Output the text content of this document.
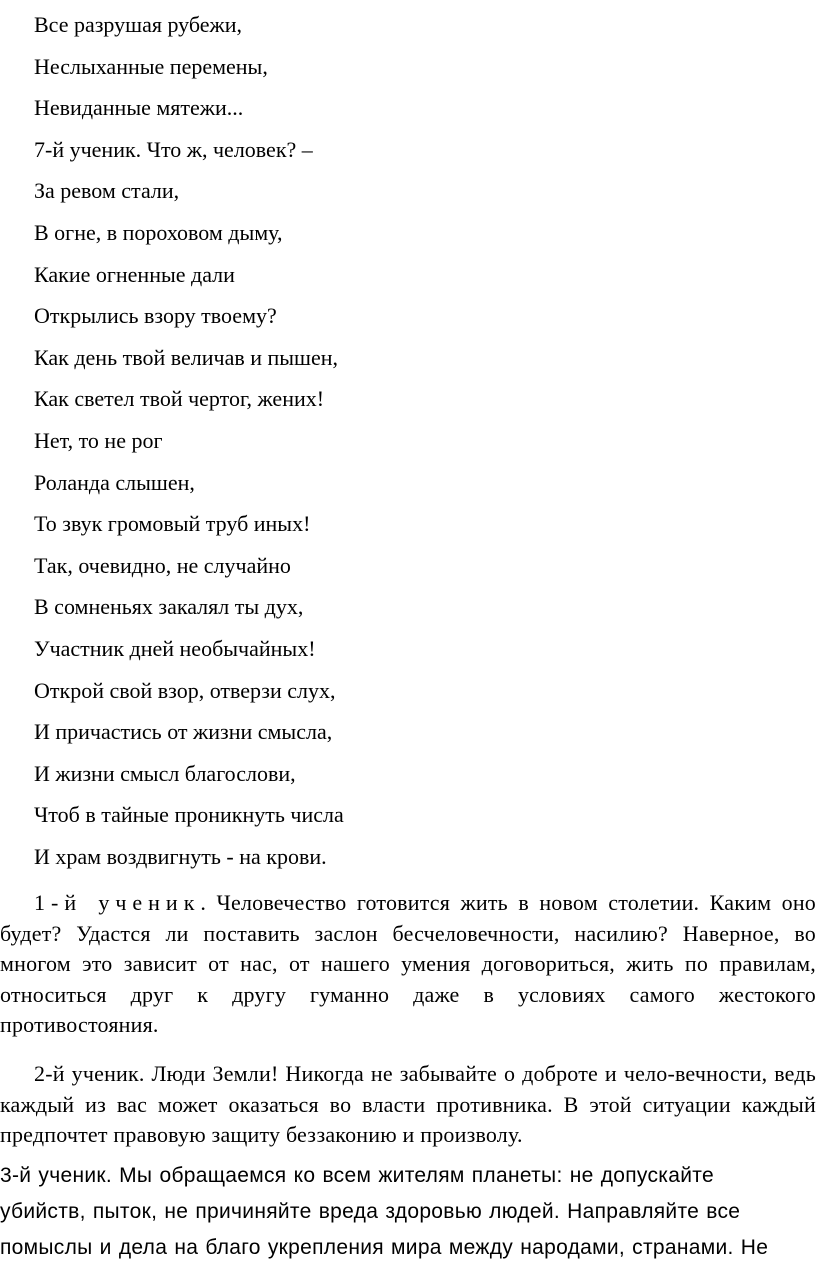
Все разрушая рубежи,
Неслыханные перемены,
Невиданные мятежи...
7-й ученик. Что ж, человек? –
За ревом стали,
В огне, в пороховом дыму,
Какие огненные дали
Открылись взору твоему?
Как день твой величав и пышен,
Как светел твой чертог, жених!
Нет, то не рог
Роланда слышен,
То звук громовый труб иных!
Так, очевидно, не случайно
В сомненьях закалял ты дух,
Участник дней необычайных!
Открой свой взор, отверзи слух,
И причастись от жизни смысла,
И жизни смысл благослови,
Чтоб в тайные проникнуть числа
И храм воздвигнуть - на крови.

1-й ученик. Человечество готовится жить в новом столетии. Каким оно будет? Удастся ли поставить заслон бесчеловечности, насилию? Наверное, во многом это зависит от нас, от нашего умения договориться, жить по правилам, относиться друг к другу гуманно даже в условиях самого жестокого противостояния.

2-й ученик. Люди Земли! Никогда не забывайте о доброте и чело-вечности, ведь каждый из вас может оказаться во власти противника. В этой ситуации каждый предпочтет правовую защиту беззаконию и произволу.

3-й ученик. Мы обращаемся ко всем жителям планеты: не допускайте
убийств, пыток, не причиняйте вреда здоровью людей. Направляйте все
помыслы и дела на благо укрепления мира между народами, странами. Не
